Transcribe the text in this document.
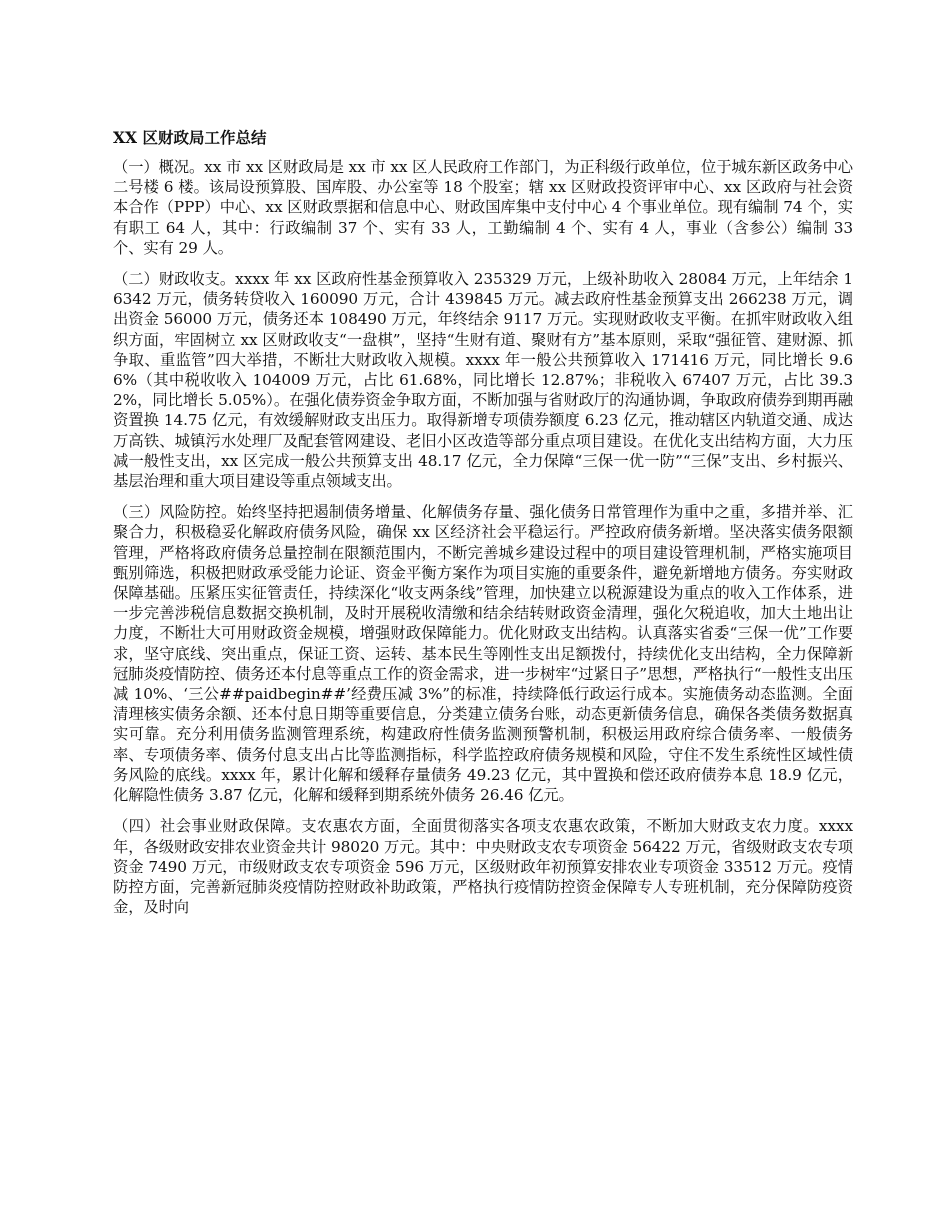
XX 区财政局工作总结

（一）概况。xx 市 xx 区财政局是 xx 市 xx 区人民政府工作部门，为正科级行政单位，位于城东新区政务中心二号楼 6 楼。该局设预算股、国库股、办公室等 18 个股室；辖 xx 区财政投资评审中心、xx 区政府与社会资本合作（PPP）中心、xx 区财政票据和信息中心、财政国库集中支付中心 4 个事业单位。现有编制 74 个，实有职工 64 人，其中：行政编制 37 个、实有 33 人，工勤编制 4 个、实有 4 人，事业（含参公）编制 33 个、实有 29 人。

（二）财政收支。xxxx 年 xx 区政府性基金预算收入 235329 万元，上级补助收入 28084 万元，上年结余 16342 万元，债务转贷收入 160090 万元，合计 439845 万元。减去政府性基金预算支出 266238 万元，调出资金 56000 万元，债务还本 108490 万元，年终结余 9117 万元。实现财政收支平衡。在抓牢财政收入组织方面，牢固树立 xx 区财政收支“一盘棋”，坚持“生财有道、聚财有方”基本原则，采取“强征管、建财源、抓争取、重监管”四大举措，不断壮大财政收入规模。xxxx 年一般公共预算收入 171416 万元，同比增长 9.66%（其中税收收入 104009 万元，占比 61.68%，同比增长 12.87%；非税收入 67407 万元，占比 39.32%，同比增长 5.05%）。在强化债券资金争取方面，不断加强与省财政厅的沟通协调，争取政府债券到期再融资置换 14.75 亿元，有效缓解财政支出压力。取得新增专项债券额度 6.23 亿元，推动辖区内轨道交通、成达万高铁、城镇污水处理厂及配套管网建设、老旧小区改造等部分重点项目建设。在优化支出结构方面，大力压减一般性支出，xx 区完成一般公共预算支出 48.17 亿元，全力保障“三保一优一防”“三保”支出、乡村振兴、基层治理和重大项目建设等重点领域支出。

（三）风险防控。始终坚持把遏制债务增量、化解债务存量、强化债务日常管理作为重中之重，多措并举、汇聚合力，积极稳妥化解政府债务风险，确保 xx 区经济社会平稳运行。严控政府债务新增。坚决落实债务限额管理，严格将政府债务总量控制在限额范围内，不断完善城乡建设过程中的项目建设管理机制，严格实施项目甄别筛选，积极把财政承受能力论证、资金平衡方案作为项目实施的重要条件，避免新增地方债务。夯实财政保障基础。压紧压实征管责任，持续深化“收支两条线”管理，加快建立以税源建设为重点的收入工作体系，进一步完善涉税信息数据交换机制，及时开展税收清缴和结余结转财政资金清理，强化欠税追收，加大土地出让力度，不断壮大可用财政资金规模，增强财政保障能力。优化财政支出结构。认真落实省委“三保一优”工作要求，坚守底线、突出重点，保证工资、运转、基本民生等刚性支出足额拨付，持续优化支出结构，全力保障新冠肺炎疫情防控、债务还本付息等重点工作的资金需求，进一步树牢“过紧日子”思想，严格执行“一般性支出压减 10%、‘三公##paidbegin##’经费压减 3%”的标准，持续降低行政运行成本。实施债务动态监测。全面清理核实债务余额、还本付息日期等重要信息，分类建立债务台账，动态更新债务信息，确保各类债务数据真实可靠。充分利用债务监测管理系统，构建政府性债务监测预警机制，积极运用政府综合债务率、一般债务率、专项债务率、债务付息支出占比等监测指标，科学监控政府债务规模和风险，守住不发生系统性区域性债务风险的底线。xxxx 年，累计化解和缓释存量债务 49.23 亿元，其中置换和偿还政府债券本息 18.9 亿元，化解隐性债务 3.87 亿元，化解和缓释到期系统外债务 26.46 亿元。

（四）社会事业财政保障。支农惠农方面，全面贯彻落实各项支农惠农政策，不断加大财政支农力度。xxxx 年，各级财政安排农业资金共计 98020 万元。其中：中央财政支农专项资金 56422 万元，省级财政支农专项资金 7490 万元，市级财政支农专项资金 596 万元，区级财政年初预算安排农业专项资金 33512 万元。疫情防控方面，完善新冠肺炎疫情防控财政补助政策，严格执行疫情防控资金保障专人专班机制，充分保障防疫资金，及时向
